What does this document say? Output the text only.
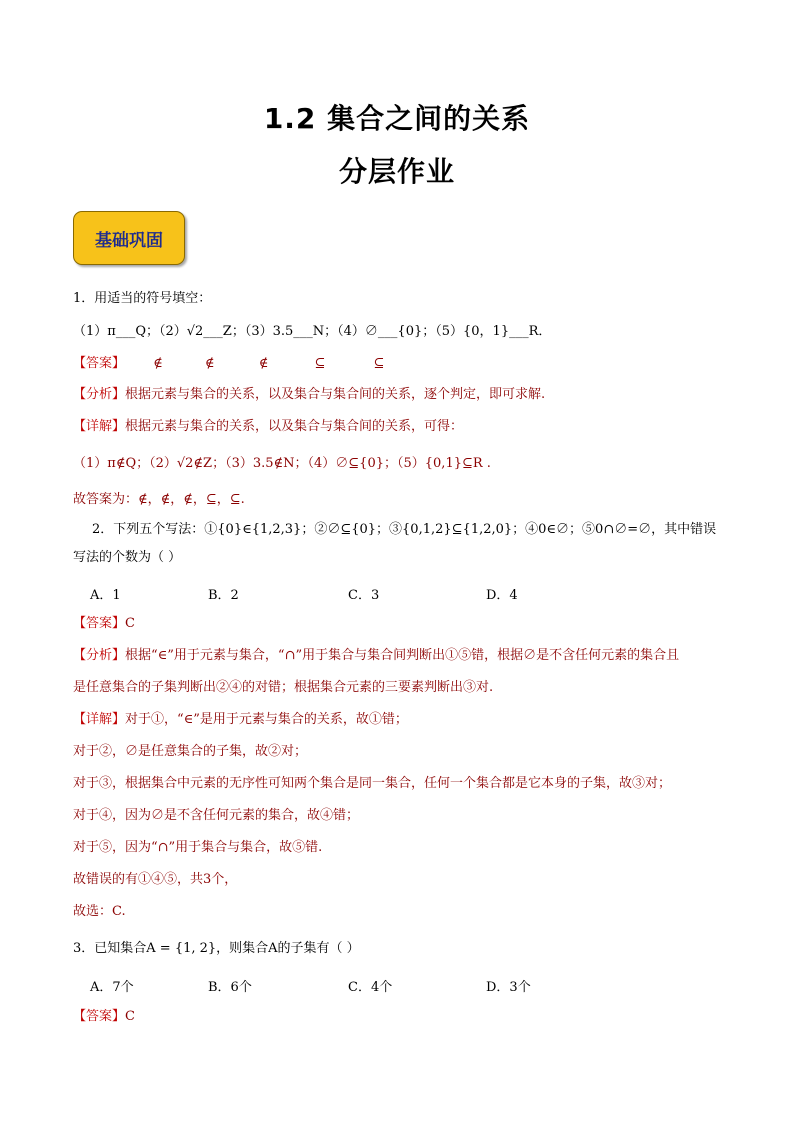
1.2 集合之间的关系
分层作业
基础巩固
1．用适当的符号填空：
（1）π___Q；（2）√2___Z；（3）3.5___N；（4）∅___{0}；（5）{0，1}___R．
【答案】 ∉	∉	∉	⊆	⊆
【分析】根据元素与集合的关系，以及集合与集合间的关系，逐个判定，即可求解.
【详解】根据元素与集合的关系，以及集合与集合间的关系，可得：
（1）π∉Q；（2）√2∉Z；（3）3.5∉N；（4）∅⊆{0}；（5）{0,1}⊆R .
故答案为：∉，∉，∉，⊆，⊆.
2．下列五个写法：①{0}∈{1,2,3}；②∅⊆{0}；③{0,1,2}⊆{1,2,0}；④0∈∅；⑤0∩∅=∅，其中错误
写法的个数为（ ）
A．1	B．2	C．3	D．4
【答案】C
【分析】根据“∈”用于元素与集合，“∩”用于集合与集合间判断出①⑤错，根据∅是不含任何元素的集合且
是任意集合的子集判断出②④的对错；根据集合元素的三要素判断出③对.
【详解】对于①，“∈”是用于元素与集合的关系，故①错；
对于②，∅是任意集合的子集，故②对；
对于③，根据集合中元素的无序性可知两个集合是同一集合，任何一个集合都是它本身的子集，故③对；
对于④，因为∅是不含任何元素的集合，故④错；
对于⑤，因为“∩”用于集合与集合，故⑤错.
故错误的有①④⑤，共3个，
故选：C.
3．已知集合A = {1, 2}，则集合A的子集有（ ）
A．7个	B．6个	C．4个	D．3个
【答案】C
